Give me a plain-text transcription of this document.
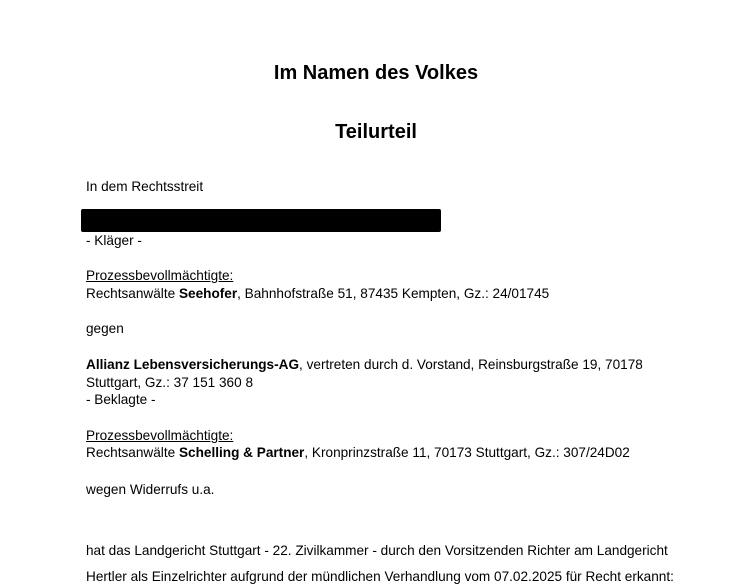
Im Namen des Volkes
Teilurteil
In dem Rechtsstreit
- Kläger -
Prozessbevollmächtigte:
Rechtsanwälte Seehofer, Bahnhofstraße 51, 87435 Kempten, Gz.: 24/01745
gegen
Allianz Lebensversicherungs-AG, vertreten durch d. Vorstand, Reinsburgstraße 19, 70178
Stuttgart, Gz.: 37 151 360 8
- Beklagte -
Prozessbevollmächtigte:
Rechtsanwälte Schelling & Partner, Kronprinzstraße 11, 70173 Stuttgart, Gz.: 307/24D02
wegen Widerrufs u.a.
hat das Landgericht Stuttgart - 22. Zivilkammer - durch den Vorsitzenden Richter am Landgericht
Hertler als Einzelrichter aufgrund der mündlichen Verhandlung vom 07.02.2025 für Recht erkannt:
